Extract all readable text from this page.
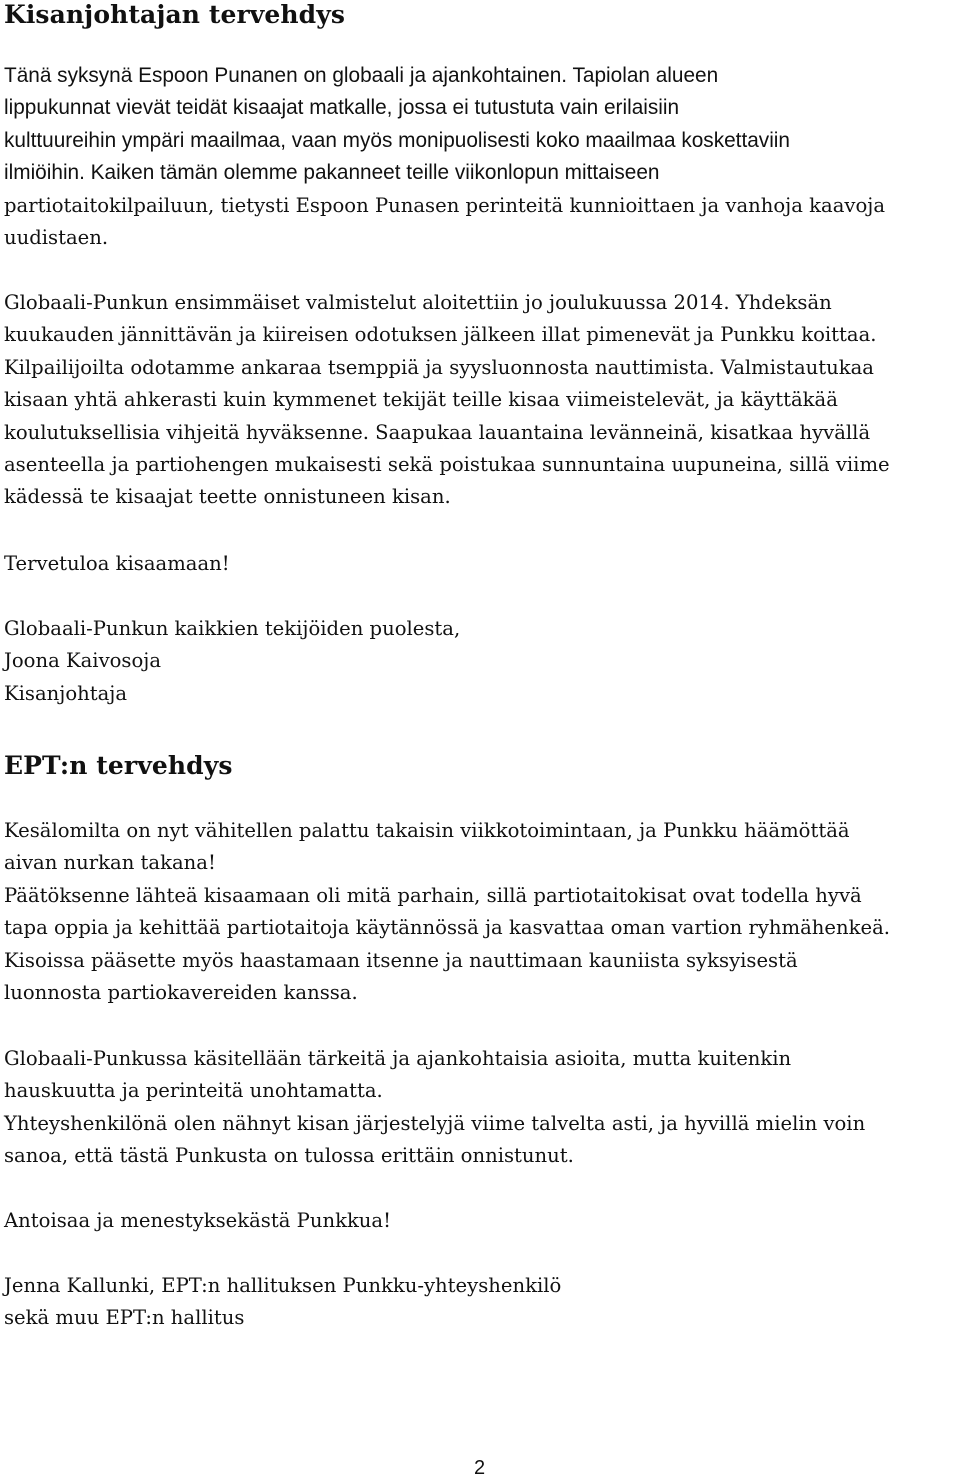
Kisanjohtajan tervehdys

Tänä syksynä Espoon Punanen on globaali ja ajankohtainen. Tapiolan alueen
lippukunnat vievät teidät kisaajat matkalle, jossa ei tutustuta vain erilaisiin
kulttuureihin ympäri maailmaa, vaan myös monipuolisesti koko maailmaa koskettaviin
ilmiöihin. Kaiken tämän olemme pakanneet teille viikonlopun mittaiseen
partiotaitokilpailuun, tietysti Espoon Punasen perinteitä kunnioittaen ja vanhoja kaavoja
uudistaen.

Globaali-Punkun ensimmäiset valmistelut aloitettiin jo joulukuussa 2014. Yhdeksän
kuukauden jännittävän ja kiireisen odotuksen jälkeen illat pimenevät ja Punkku koittaa.
Kilpailijoilta odotamme ankaraa tsemppiä ja syysluonnosta nauttimista. Valmistautukaa
kisaan yhtä ahkerasti kuin kymmenet tekijät teille kisaa viimeistelevät, ja käyttäkää
koulutuksellisia vihjeitä hyväksenne. Saapukaa lauantaina levänneinä, kisatkaa hyvällä
asenteella ja partiohengen mukaisesti sekä poistukaa sunnuntaina uupuneina, sillä viime
kädessä te kisaajat teette onnistuneen kisan.

Tervetuloa kisaamaan!

Globaali-Punkun kaikkien tekijöiden puolesta,
Joona Kaivosoja
Kisanjohtaja

EPT:n tervehdys

Kesälomilta on nyt vähitellen palattu takaisin viikkotoimintaan, ja Punkku häämöttää
aivan nurkan takana!
Päätöksenne lähteä kisaamaan oli mitä parhain, sillä partiotaitokisat ovat todella hyvä
tapa oppia ja kehittää partiotaitoja käytännössä ja kasvattaa oman vartion ryhmähenkeä.
Kisoissa pääsette myös haastamaan itsenne ja nauttimaan kauniista syksyisestä
luonnosta partiokavereiden kanssa.

Globaali-Punkussa käsitellään tärkeitä ja ajankohtaisia asioita, mutta kuitenkin
hauskuutta ja perinteitä unohtamatta.
Yhteyshenkilönä olen nähnyt kisan järjestelyjä viime talvelta asti, ja hyvillä mielin voin
sanoa, että tästä Punkusta on tulossa erittäin onnistunut.

Antoisaa ja menestyksekästä Punkkua!

Jenna Kallunki, EPT:n hallituksen Punkku-yhteyshenkilö
sekä muu EPT:n hallitus

2
